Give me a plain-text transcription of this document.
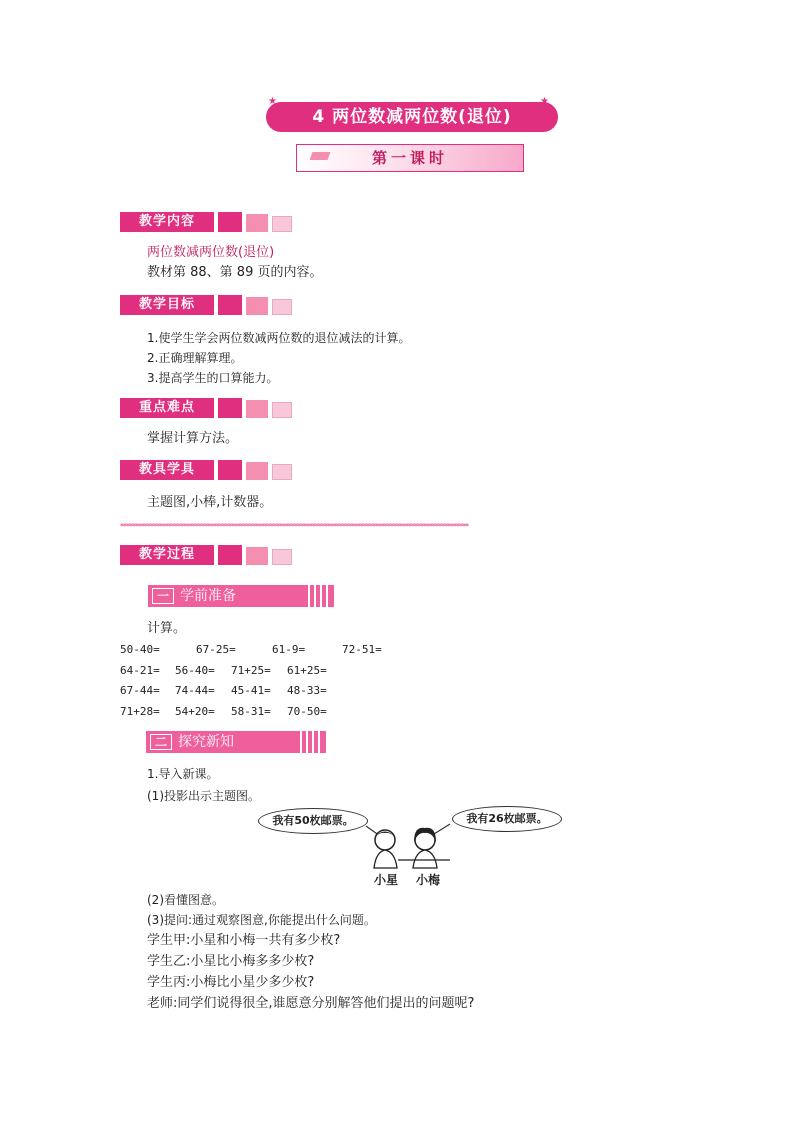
4 两位数减两位数(退位)
★
✦
★
✦
第一课时
教学内容
两位数减两位数(退位)
教材第 88、第 89 页的内容。
教学目标
1.使学生学会两位数减两位数的退位减法的计算。
2.正确理解算理。
3.提高学生的口算能力。
重点难点
掌握计算方法。
教具学具
主题图,小棒,计数器。
********************************************************************************************************************
教学过程
一 学前准备
计算。
50-40=	67-25=	61-9=	72-51=
64-21= 56-40= 71+25= 61+25=
67-44= 74-44= 45-41= 48-33=
71+28= 54+20= 58-31= 70-50=
二 探究新知
1.导入新课。
(1)投影出示主题图。
我有50枚邮票。	我有26枚邮票。
小星 小梅
(2)看懂图意。
(3)提问:通过观察图意,你能提出什么问题。
学生甲:小星和小梅一共有多少枚?
学生乙:小星比小梅多多少枚?
学生丙:小梅比小星少多少枚?
老师:同学们说得很全,谁愿意分别解答他们提出的问题呢?
